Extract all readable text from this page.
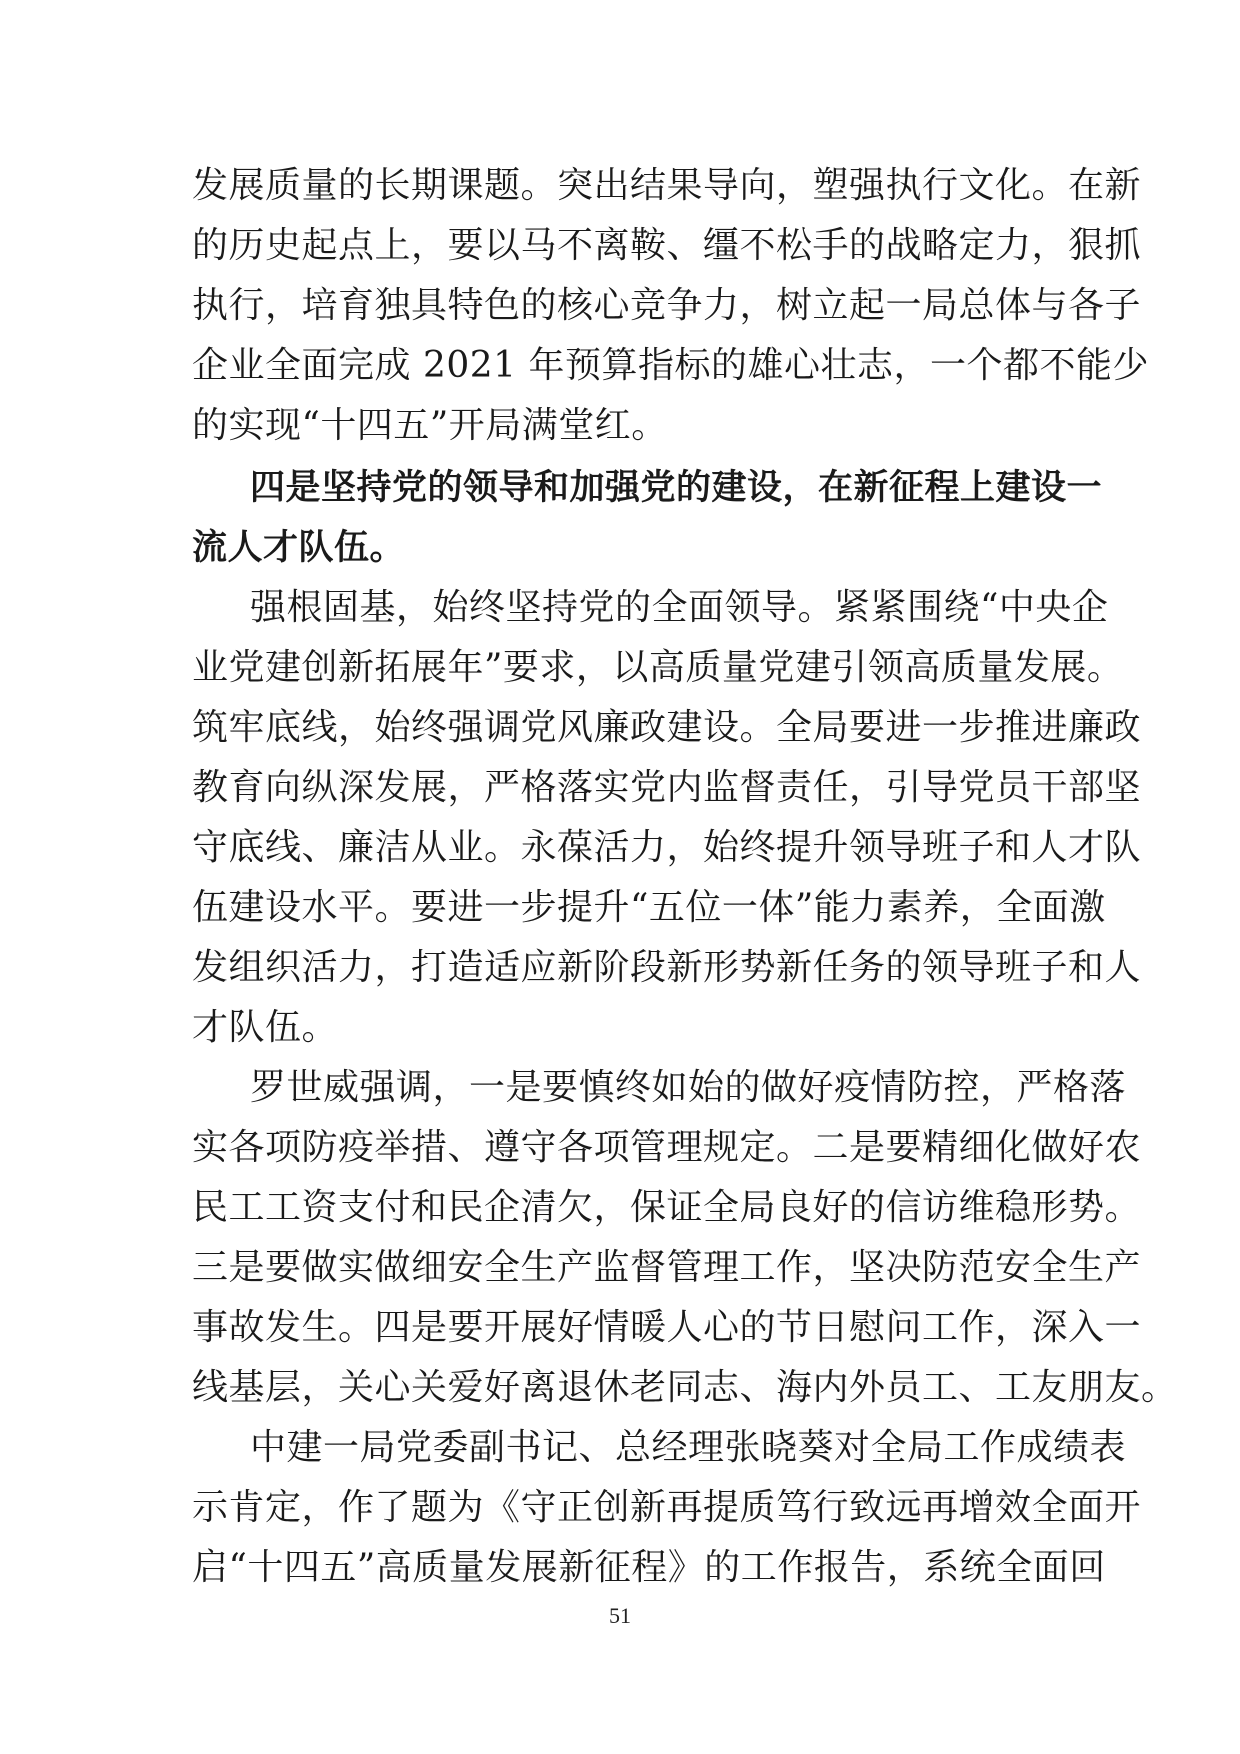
发展质量的长期课题。突出结果导向，塑强执行文化。在新
的历史起点上，要以马不离鞍、缰不松手的战略定力，狠抓
执行，培育独具特色的核心竞争力，树立起一局总体与各子
企业全面完成 2021 年预算指标的雄心壮志，一个都不能少
的实现“十四五”开局满堂红。
四是坚持党的领导和加强党的建设，在新征程上建设一
流人才队伍。
强根固基，始终坚持党的全面领导。紧紧围绕“中央企
业党建创新拓展年”要求，以高质量党建引领高质量发展。
筑牢底线，始终强调党风廉政建设。全局要进一步推进廉政
教育向纵深发展，严格落实党内监督责任，引导党员干部坚
守底线、廉洁从业。永葆活力，始终提升领导班子和人才队
伍建设水平。要进一步提升“五位一体”能力素养，全面激
发组织活力，打造适应新阶段新形势新任务的领导班子和人
才队伍。
罗世威强调，一是要慎终如始的做好疫情防控，严格落
实各项防疫举措、遵守各项管理规定。二是要精细化做好农
民工工资支付和民企清欠，保证全局良好的信访维稳形势。
三是要做实做细安全生产监督管理工作，坚决防范安全生产
事故发生。四是要开展好情暖人心的节日慰问工作，深入一
线基层，关心关爱好离退休老同志、海内外员工、工友朋友。
中建一局党委副书记、总经理张晓葵对全局工作成绩表
示肯定，作了题为《守正创新再提质笃行致远再增效全面开
启“十四五”高质量发展新征程》的工作报告，系统全面回
51
